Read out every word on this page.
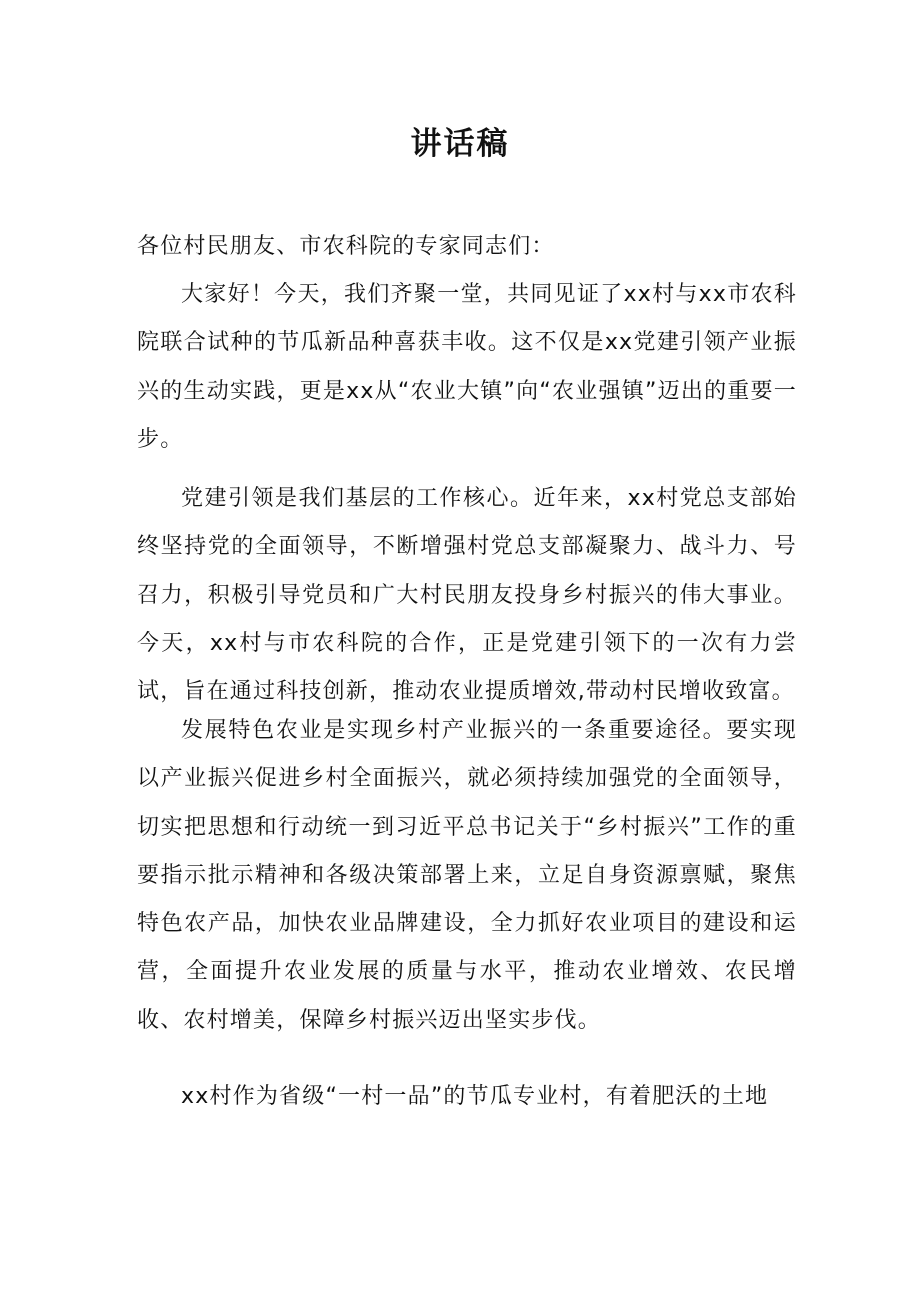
讲话稿

各位村民朋友、市农科院的专家同志们：

大家好！今天，我们齐聚一堂，共同见证了xx村与xx市农科院联合试种的节瓜新品种喜获丰收。这不仅是xx党建引领产业振兴的生动实践，更是xx从“农业大镇”向“农业强镇”迈出的重要一步。

党建引领是我们基层的工作核心。近年来，xx村党总支部始终坚持党的全面领导，不断增强村党总支部凝聚力、战斗力、号召力，积极引导党员和广大村民朋友投身乡村振兴的伟大事业。今天，xx村与市农科院的合作，正是党建引领下的一次有力尝试，旨在通过科技创新，推动农业提质增效,带动村民增收致富。

发展特色农业是实现乡村产业振兴的一条重要途径。要实现以产业振兴促进乡村全面振兴，就必须持续加强党的全面领导，切实把思想和行动统一到习近平总书记关于“乡村振兴”工作的重要指示批示精神和各级决策部署上来，立足自身资源禀赋，聚焦特色农产品，加快农业品牌建设，全力抓好农业项目的建设和运营，全面提升农业发展的质量与水平，推动农业增效、农民增收、农村增美，保障乡村振兴迈出坚实步伐。

xx村作为省级“一村一品”的节瓜专业村，有着肥沃的土地
